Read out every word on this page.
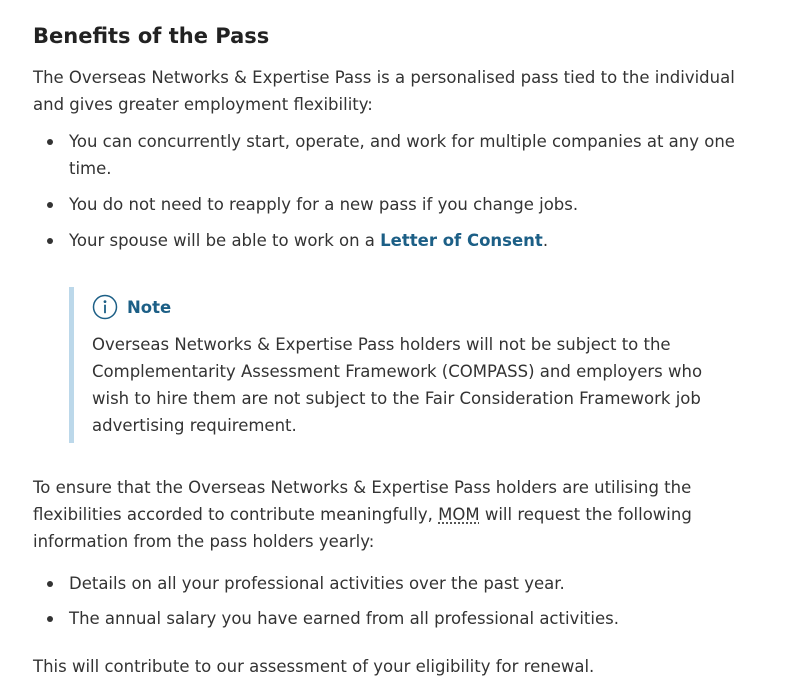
Benefits of the Pass

The Overseas Networks & Expertise Pass is a personalised pass tied to the individual and gives greater employment flexibility:

You can concurrently start, operate, and work for multiple companies at any one time.
You do not need to reapply for a new pass if you change jobs.
Your spouse will be able to work on a Letter of Consent.
Note
Overseas Networks & Expertise Pass holders will not be subject to the Complementarity Assessment Framework (COMPASS) and employers who wish to hire them are not subject to the Fair Consideration Framework job advertising requirement.

To ensure that the Overseas Networks & Expertise Pass holders are utilising the flexibilities accorded to contribute meaningfully, MOM will request the following information from the pass holders yearly:

Details on all your professional activities over the past year.
The annual salary you have earned from all professional activities.

This will contribute to our assessment of your eligibility for renewal.
